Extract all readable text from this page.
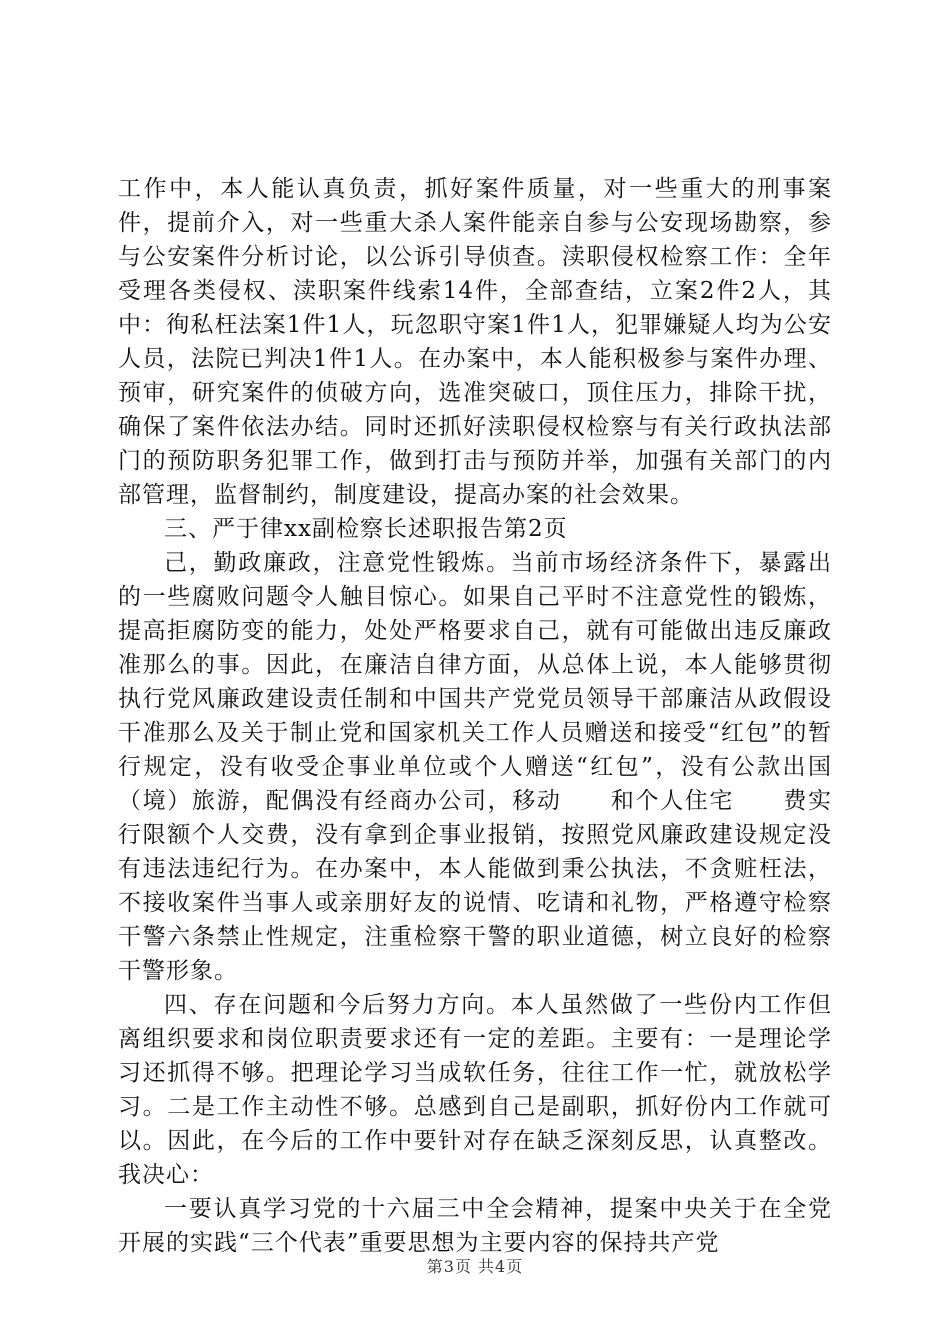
工作中，本人能认真负责，抓好案件质量，对一些重大的刑事案件，提前介入，对一些重大杀人案件能亲自参与公安现场勘察，参与公安案件分析讨论，以公诉引导侦查。渎职侵权检察工作：全年受理各类侵权、渎职案件线索14件，全部查结，立案2件2人，其中：徇私枉法案1件1人，玩忽职守案1件1人，犯罪嫌疑人均为公安人员，法院已判决1件1人。在办案中，本人能积极参与案件办理、预审，研究案件的侦破方向，选准突破口，顶住压力，排除干扰，确保了案件依法办结。同时还抓好渎职侵权检察与有关行政执法部门的预防职务犯罪工作，做到打击与预防并举，加强有关部门的内部管理，监督制约，制度建设，提高办案的社会效果。

三、严于律xx副检察长述职报告第2页

己，勤政廉政，注意党性锻炼。当前市场经济条件下，暴露出的一些腐败问题令人触目惊心。如果自己平时不注意党性的锻炼，提高拒腐防变的能力，处处严格要求自己，就有可能做出违反廉政准那么的事。因此，在廉洁自律方面，从总体上说，本人能够贯彻执行党风廉政建设责任制和中国共产党党员领导干部廉洁从政假设干准那么及关于制止党和国家机关工作人员赠送和接受“红包”的暂行规定，没有收受企事业单位或个人赠送“红包”，没有公款出国（境）旅游，配偶没有经商办公司，移动　　和个人住宅　　费实行限额个人交费，没有拿到企事业报销，按照党风廉政建设规定没有违法违纪行为。在办案中，本人能做到秉公执法，不贪赃枉法，不接收案件当事人或亲朋好友的说情、吃请和礼物，严格遵守检察干警六条禁止性规定，注重检察干警的职业道德，树立良好的检察干警形象。

四、存在问题和今后努力方向。本人虽然做了一些份内工作但离组织要求和岗位职责要求还有一定的差距。主要有：一是理论学习还抓得不够。把理论学习当成软任务，往往工作一忙，就放松学习。二是工作主动性不够。总感到自己是副职，抓好份内工作就可以。因此，在今后的工作中要针对存在缺乏深刻反思，认真整改。我决心：

一要认真学习党的十六届三中全会精神，提案中央关于在全党开展的实践“三个代表”重要思想为主要内容的保持共产党

第3页 共4页
